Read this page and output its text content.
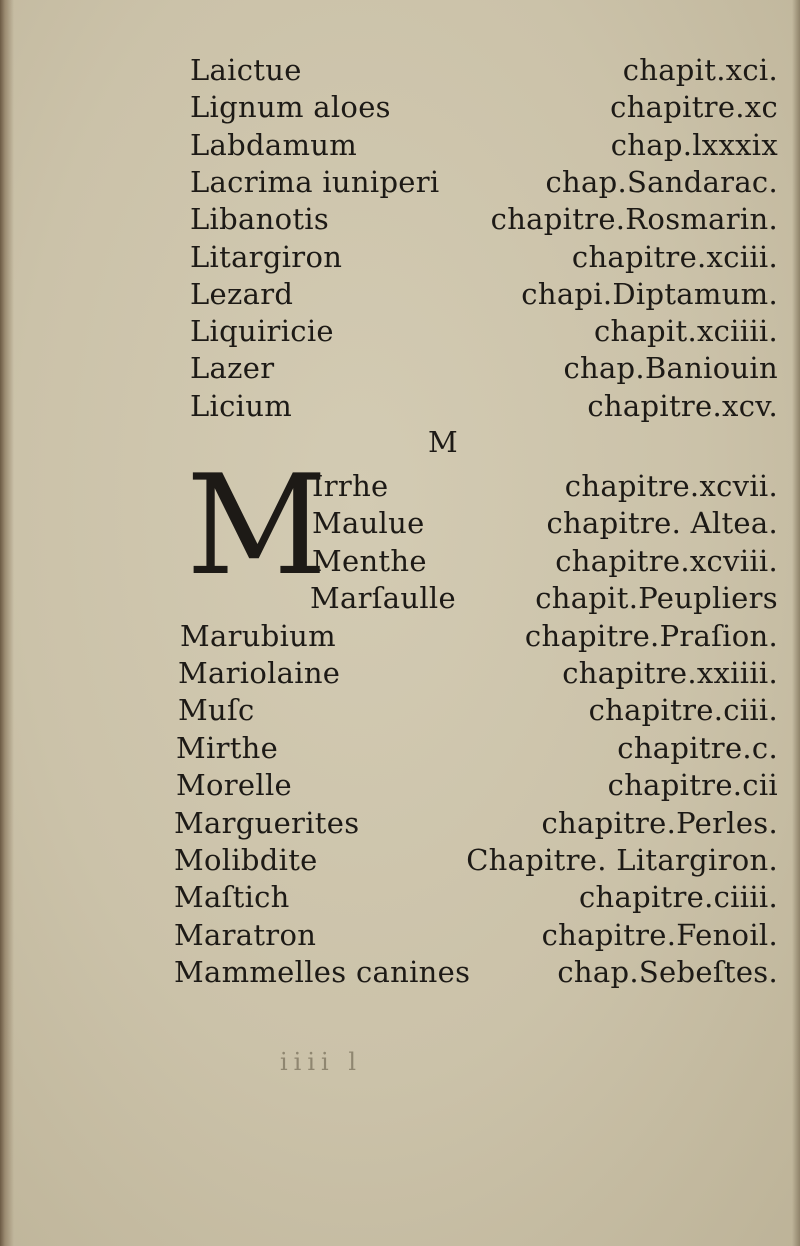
Laictue	chapit.xci.
Lignum aloes	chapitre.xc
Labdamum	chap.lxxxix
Lacrima iuniperi	chap.Sandarac.
Libanotis	chapitre.Rosmarin.
Litargiron	chapitre.xciii.
Lezard	chapi.Diptamum.
Liquiricie	chapit.xciiii.
Lazer	chap.Baniouin
Licium	chapitre.xcv.
M
M
Irrhe	chapitre.xcvii.
Maulue	chapitre. Altea.
Menthe	chapitre.xcviii.
Marſaulle	chapit.Peupliers
Marubium	chapitre.Praſion.
Mariolaine	chapitre.xxiiii.
Muſc	chapitre.ciii.
Mirthe	chapitre.c.
Morelle	chapitre.cii
Marguerites	chapitre.Perles.
Molibdite	Chapitre. Litargiron.
Maſtich	chapitre.ciiii.
Maratron	chapitre.Fenoil.
Mammelles canines	chap.Sebeſtes.
iiii l
